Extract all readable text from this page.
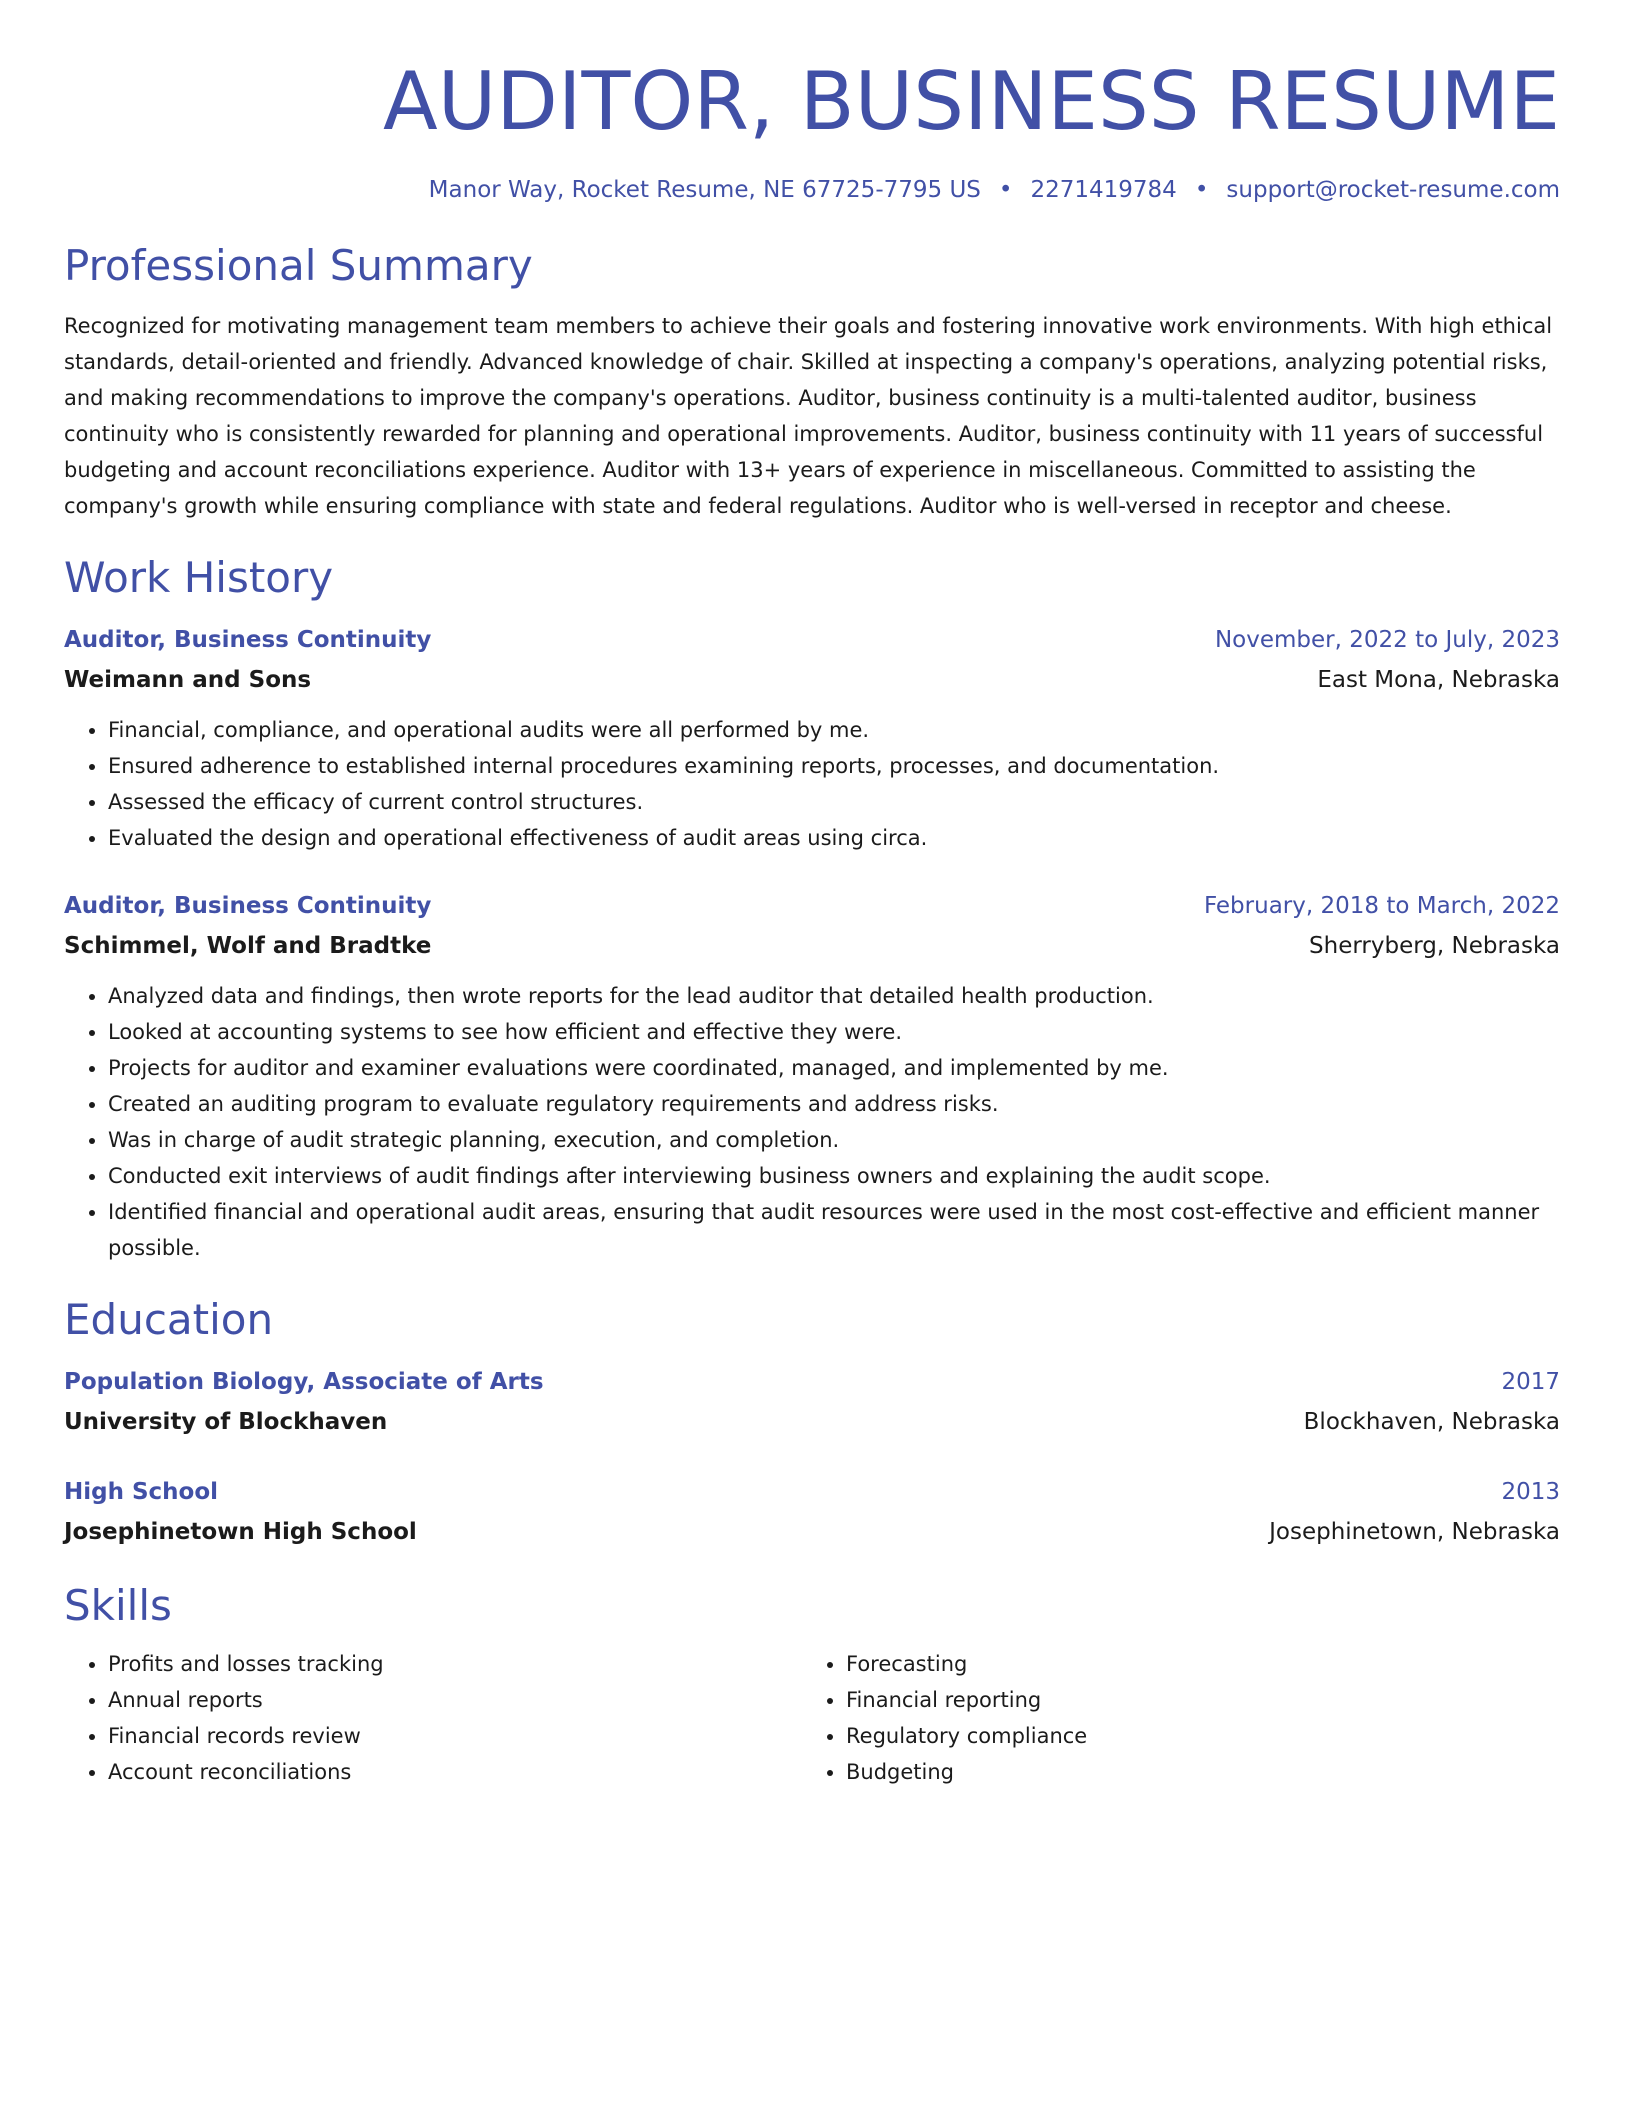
AUDITOR, BUSINESS RESUME
Manor Way, Rocket Resume, NE 67725-7795 US • 2271419784 • support@rocket-resume.com
Professional Summary

Recognized for motivating management team members to achieve their goals and fostering innovative work environments. With high ethical standards, detail-oriented and friendly. Advanced knowledge of chair. Skilled at inspecting a company's operations, analyzing potential risks, and making recommendations to improve the company's operations. Auditor, business continuity is a multi-talented auditor, business continuity who is consistently rewarded for planning and operational improvements. Auditor, business continuity with 11 years of successful budgeting and account reconciliations experience. Auditor with 13+ years of experience in miscellaneous. Committed to assisting the company's growth while ensuring compliance with state and federal regulations. Auditor who is well-versed in receptor and cheese.

Work History
Auditor, Business Continuity	November, 2022 to July, 2023
Weimann and Sons	East Mona, Nebraska
• Financial, compliance, and operational audits were all performed by me.
• Ensured adherence to established internal procedures examining reports, processes, and documentation.
• Assessed the efficacy of current control structures.
• Evaluated the design and operational effectiveness of audit areas using circa.
Auditor, Business Continuity	February, 2018 to March, 2022
Schimmel, Wolf and Bradtke	Sherryberg, Nebraska
• Analyzed data and findings, then wrote reports for the lead auditor that detailed health production.
• Looked at accounting systems to see how efficient and effective they were.
• Projects for auditor and examiner evaluations were coordinated, managed, and implemented by me.
• Created an auditing program to evaluate regulatory requirements and address risks.
• Was in charge of audit strategic planning, execution, and completion.
• Conducted exit interviews of audit findings after interviewing business owners and explaining the audit scope.
• Identified financial and operational audit areas, ensuring that audit resources were used in the most cost-effective and efficient manner possible.
Education
Population Biology, Associate of Arts	2017
University of Blockhaven	Blockhaven, Nebraska
High School	2013
Josephinetown High School	Josephinetown, Nebraska
Skills
• Profits and losses tracking
• Annual reports
• Financial records review
• Account reconciliations
• Forecasting
• Financial reporting
• Regulatory compliance
• Budgeting
